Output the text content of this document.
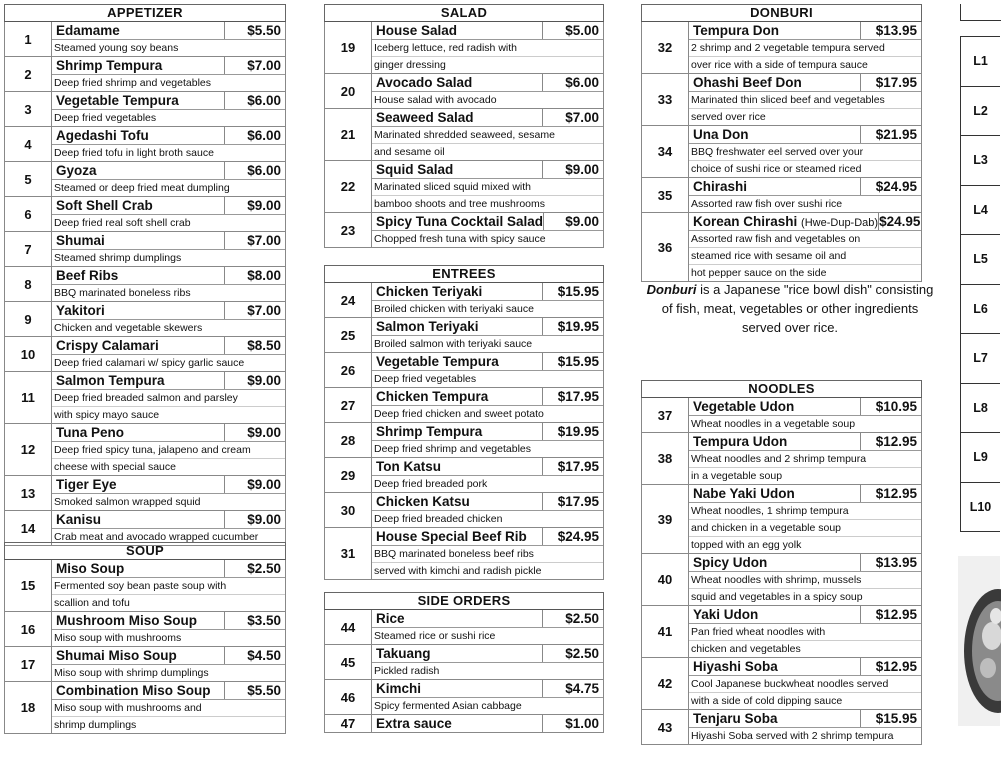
APPETIZER
1
Edamame	$5.50
Steamed young soy beans
2
Shrimp Tempura	$7.00
Deep fried shrimp and vegetables
3
Vegetable Tempura	$6.00
Deep fried vegetables
4
Agedashi Tofu	$6.00
Deep fried tofu in light broth sauce
5
Gyoza	$6.00
Steamed or deep fried meat dumpling
6
Soft Shell Crab	$9.00
Deep fried real soft shell crab
7
Shumai	$7.00
Steamed shrimp dumplings
8
Beef Ribs	$8.00
BBQ marinated boneless ribs
9
Yakitori	$7.00
Chicken and vegetable skewers
10
Crispy Calamari	$8.50
Deep fried calamari w/ spicy garlic sauce
11
Salmon Tempura	$9.00
Deep fried breaded salmon and parsley
with spicy mayo sauce
12
Tuna Peno	$9.00
Deep fried spicy tuna, jalapeno and cream
cheese with special sauce
13
Tiger Eye	$9.00
Smoked salmon wrapped squid
14
Kanisu	$9.00
Crab meat and avocado wrapped cucumber
SOUP
15
Miso Soup	$2.50
Fermented soy bean paste soup with
scallion and tofu
16
Mushroom Miso Soup	$3.50
Miso soup with mushrooms
17
Shumai Miso Soup	$4.50
Miso soup with shrimp dumplings
18
Combination Miso Soup	$5.50
Miso soup with mushrooms and
shrimp dumplings
SALAD
19
House Salad	$5.00
Iceberg lettuce, red radish with
ginger dressing
20
Avocado Salad	$6.00
House salad with avocado
21
Seaweed Salad	$7.00
Marinated shredded seaweed, sesame
and sesame oil
22
Squid Salad	$9.00
Marinated sliced squid mixed with
bamboo shoots and tree mushrooms
23
Spicy Tuna Cocktail Salad	$9.00
Chopped fresh tuna with spicy sauce
ENTREES
24
Chicken Teriyaki	$15.95
Broiled chicken with teriyaki sauce
25
Salmon Teriyaki	$19.95
Broiled salmon with teriyaki sauce
26
Vegetable Tempura	$15.95
Deep fried vegetables
27
Chicken Tempura	$17.95
Deep fried chicken and sweet potato
28
Shrimp Tempura	$19.95
Deep fried shrimp and vegetables
29
Ton Katsu	$17.95
Deep fried breaded pork
30
Chicken Katsu	$17.95
Deep fried breaded chicken
31
House Special Beef Rib	$24.95
BBQ marinated boneless beef ribs
served with kimchi and radish pickle
SIDE ORDERS
44
Rice	$2.50
Steamed rice or sushi rice
45
Takuang	$2.50
Pickled radish
46
Kimchi	$4.75
Spicy fermented Asian cabbage
47	Extra sauce	$1.00
DONBURI
32
Tempura Don	$13.95
2 shrimp and 2 vegetable tempura served
over rice with a side of tempura sauce
33
Ohashi Beef Don	$17.95
Marinated thin sliced beef and vegetables
served over rice
34
Una Don	$21.95
BBQ freshwater eel served over your
choice of sushi rice or steamed riced
35
Chirashi	$24.95
Assorted raw fish over sushi rice
36
Korean Chirashi (Hwe-Dup-Dab) $24.95
Assorted raw fish and vegetables on
steamed rice with sesame oil and
hot pepper sauce on the side
NOODLES
37
Vegetable Udon	$10.95
Wheat noodles in a vegetable soup
38
Tempura Udon	$12.95
Wheat noodles and 2 shrimp tempura
in a vegetable soup
39
Nabe Yaki Udon	$12.95
Wheat noodles, 1 shrimp tempura
and chicken in a vegetable soup
topped with an egg yolk
40
Spicy Udon	$13.95
Wheat noodles with shrimp, mussels
squid and vegetables in a spicy soup
41
Yaki Udon	$12.95
Pan fried wheat noodles with
chicken and vegetables
42
Hiyashi Soba	$12.95
Cool Japanese buckwheat noodles served
with a side of cold dipping sauce
43
Tenjaru Soba	$15.95
Hiyashi Soba served with 2 shrimp tempura
Donburi is a Japanese "rice bowl dish" consisting of fish, meat, vegetables or other ingredients served over rice.
L1
L2
L3
L4
L5
L6
L7
L8
L9
L10
